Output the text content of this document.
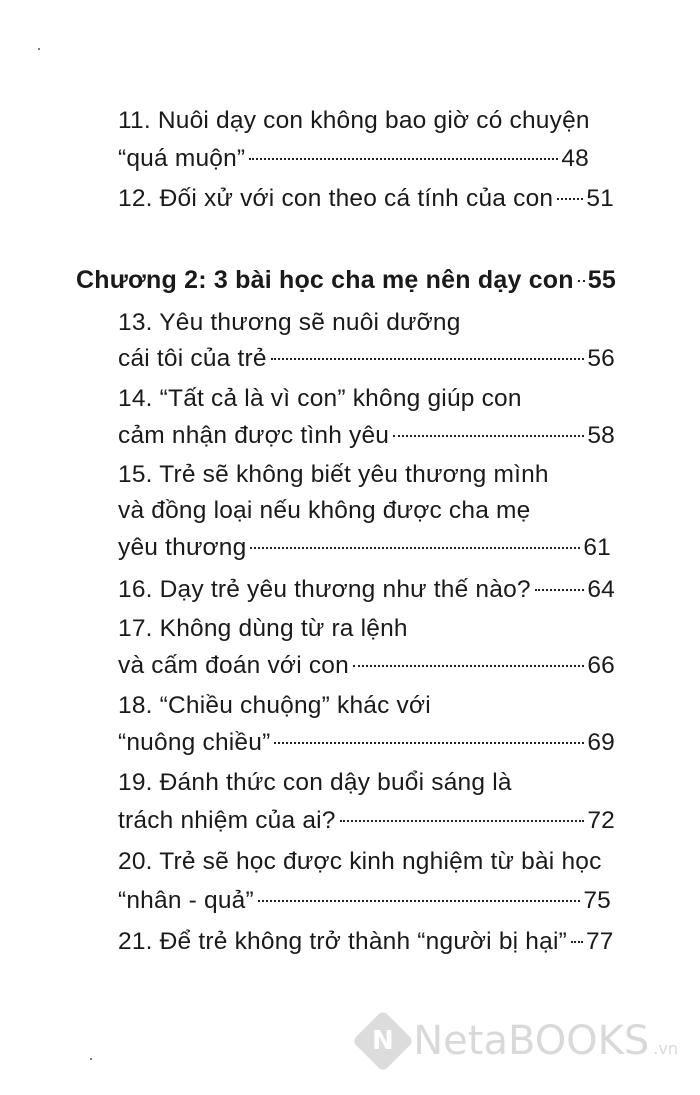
11. Nuôi dạy con không bao giờ có chuyện
“quá muộn”	48
12. Đối xử với con theo cá tính của con 51
Chương 2: 3 bài học cha mẹ nên dạy con 55
13. Yêu thương sẽ nuôi dưỡng
cái tôi của trẻ	56
14. “Tất cả là vì con” không giúp con
cảm nhận được tình yêu	58
15. Trẻ sẽ không biết yêu thương mình
và đồng loại nếu không được cha mẹ
yêu thương	61
16. Dạy trẻ yêu thương như thế nào? 64
17. Không dùng từ ra lệnh
và cấm đoán với con	66
18. “Chiều chuộng” khác với
“nuông chiều”	69
19. Đánh thức con dậy buổi sáng là
trách nhiệm của ai?	72
20. Trẻ sẽ học được kinh nghiệm từ bài học
“nhân - quả”	75
21. Để trẻ không trở thành “người bị hại” 77
N NetaBOOKS .vn
